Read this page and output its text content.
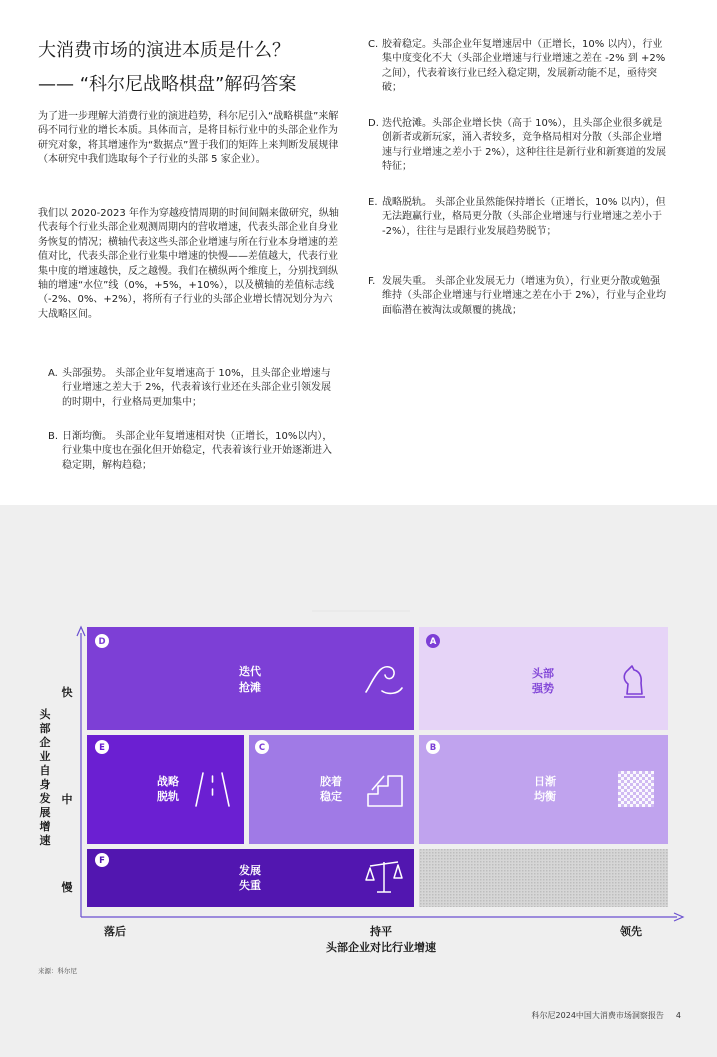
大消费市场的演进本质是什么？
—— “科尔尼战略棋盘”解码答案
为了进一步理解大消费行业的演进趋势，科尔尼引入“战略棋盘”来解码不同行业的增长本质。具体而言，是将目标行业中的头部企业作为研究对象，将其增速作为“数据点”置于我们的矩阵上来判断发展规律（本研究中我们选取每个子行业的头部 5 家企业）。
我们以 2020-2023 年作为穿越疫情周期的时间间隔来做研究，纵轴代表每个行业头部企业观测周期内的营收增速，代表头部企业自身业务恢复的情况；横轴代表这些头部企业增速与所在行业本身增速的差值对比，代表头部企业行业集中增速的快慢——差值越大，代表行业集中度的增速越快，反之越慢。我们在横纵两个维度上，分别找到纵轴的增速“水位”线（0%，+5%，+10%），以及横轴的差值标志线（-2%、0%、+2%），将所有子行业的头部企业增长情况划分为六大战略区间。
A. 头部强势。 头部企业年复增速高于 10%，且头部企业增速与行业增速之差大于 2%，代表着该行业还在头部企业引领发展的时期中，行业格局更加集中；
B. 日渐均衡。 头部企业年复增速相对快（正增长，10%以内），行业集中度也在强化但开始稳定，代表着该行业开始逐渐进入稳定期，解构趋稳；
C. 胶着稳定。头部企业年复增速居中（正增长，10% 以内），行业集中度变化不大（头部企业增速与行业增速之差在 -2% 到 +2% 之间），代表着该行业已经入稳定期，发展新动能不足，亟待突破；
D. 迭代抢滩。头部企业增长快（高于 10%），且头部企业很多就是创新者或新玩家，涌入者较多，竞争格局相对分散（头部企业增速与行业增速之差小于 2%），这种往往是新行业和新赛道的发展特征；
E. 战略脱轨。 头部企业虽然能保持增长（正增长，10% 以内），但无法跑赢行业，格局更分散（头部企业增速与行业增速之差小于 -2%），往往与是跟行业发展趋势脱节；
F. 发展失重。 头部企业发展无力（增速为负），行业更分散或勉强维持（头部企业增速与行业增速之差在小于 2%），行业与企业均面临潜在被淘汰或颠覆的挑战；
D
迭代
抢滩
A
头部
强势
E
战略
脱轨
C
胶着
稳定
B
日渐
均衡
F
发展
失重
头部企业自身发展增速
快
中
慢
落后	持平	领先
头部企业对比行业增速
来源：科尔尼
科尔尼2024中国大消费市场洞察报告 4
